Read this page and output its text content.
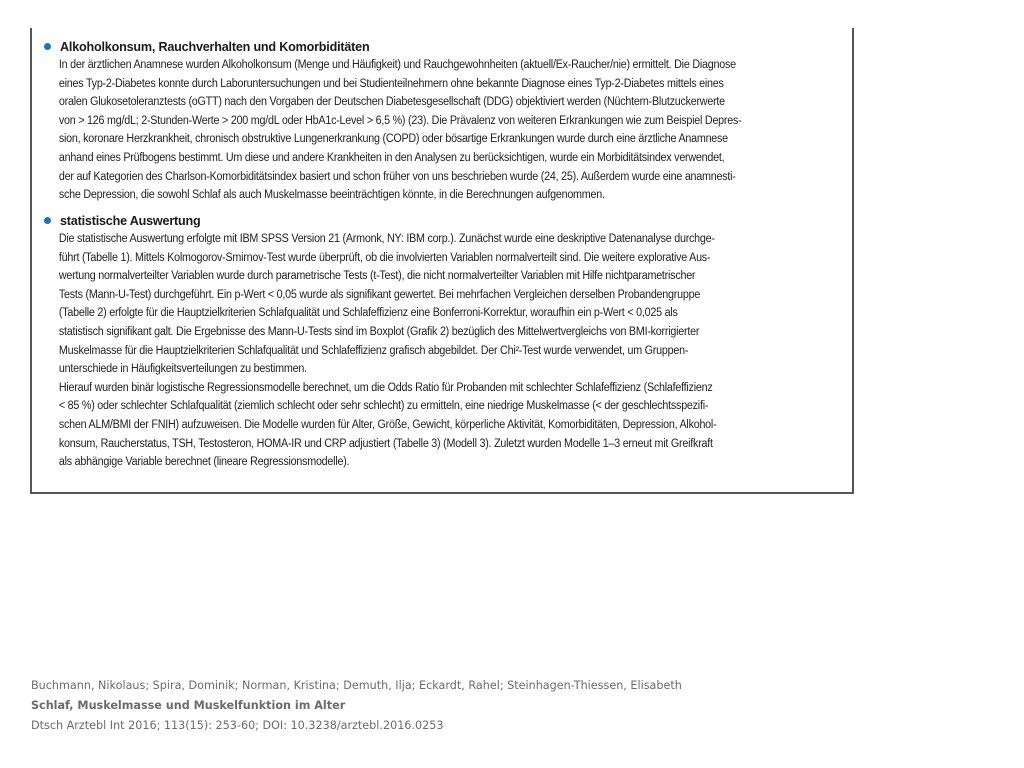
Alkoholkonsum, Rauchverhalten und Komorbiditäten
In der ärztlichen Anamnese wurden Alkoholkonsum (Menge und Häufigkeit) und Rauchgewohnheiten (aktuell/Ex-Raucher/nie) ermittelt. Die Diagnose
eines Typ-2-Diabetes konnte durch Laboruntersuchungen und bei Studienteilnehmern ohne bekannte Diagnose eines Typ-2-Diabetes mittels eines
oralen Glukosetoleranztests (oGTT) nach den Vorgaben der Deutschen Diabetesgesellschaft (DDG) objektiviert werden (Nüchtern-Blutzuckerwerte
von > 126 mg/dL; 2-Stunden-Werte > 200 mg/dL oder HbA1c-Level > 6,5 %) (23). Die Prävalenz von weiteren Erkrankungen wie zum Beispiel Depres-
sion, koronare Herzkrankheit, chronisch obstruktive Lungenerkrankung (COPD) oder bösartige Erkrankungen wurde durch eine ärztliche Anamnese
anhand eines Prüfbogens bestimmt. Um diese und andere Krankheiten in den Analysen zu berücksichtigen, wurde ein Morbiditätsindex verwendet,
der auf Kategorien des Charlson-Komorbiditätsindex basiert und schon früher von uns beschrieben wurde (24, 25). Außerdem wurde eine anamnesti-
sche Depression, die sowohl Schlaf als auch Muskelmasse beeinträchtigen könnte, in die Berechnungen aufgenommen.
statistische Auswertung
Die statistische Auswertung erfolgte mit IBM SPSS Version 21 (Armonk, NY: IBM corp.). Zunächst wurde eine deskriptive Datenanalyse durchge-
führt (Tabelle 1). Mittels Kolmogorov-Smirnov-Test wurde überprüft, ob die involvierten Variablen normalverteilt sind. Die weitere explorative Aus-
wertung normalverteilter Variablen wurde durch parametrische Tests (t-Test), die nicht normalverteilter Variablen mit Hilfe nichtparametrischer
Tests (Mann-U-Test) durchgeführt. Ein p-Wert < 0,05 wurde als signifikant gewertet. Bei mehrfachen Vergleichen derselben Probandengruppe
(Tabelle 2) erfolgte für die Hauptzielkriterien Schlafqualität und Schlafeffizienz eine Bonferroni-Korrektur, woraufhin ein p-Wert < 0,025 als
statistisch signifikant galt. Die Ergebnisse des Mann-U-Tests sind im Boxplot (Grafik 2) bezüglich des Mittelwertvergleichs von BMI-korrigierter
Muskelmasse für die Hauptzielkriterien Schlafqualität und Schlafeffizienz grafisch abgebildet. Der Chi²-Test wurde verwendet, um Gruppen-
unterschiede in Häufigkeitsverteilungen zu bestimmen.
Hierauf wurden binär logistische Regressionsmodelle berechnet, um die Odds Ratio für Probanden mit schlechter Schlafeffizienz (Schlafeffizienz
< 85 %) oder schlechter Schlafqualität (ziemlich schlecht oder sehr schlecht) zu ermitteln, eine niedrige Muskelmasse (< der geschlechtsspezifi-
schen ALM/BMI der FNIH) aufzuweisen. Die Modelle wurden für Alter, Größe, Gewicht, körperliche Aktivität, Komorbiditäten, Depression, Alkohol-
konsum, Raucherstatus, TSH, Testosteron, HOMA-IR und CRP adjustiert (Tabelle 3) (Modell 3). Zuletzt wurden Modelle 1–3 erneut mit Greifkraft
als abhängige Variable berechnet (lineare Regressionsmodelle).
Buchmann, Nikolaus; Spira, Dominik; Norman, Kristina; Demuth, Ilja; Eckardt, Rahel; Steinhagen-Thiessen, Elisabeth
Schlaf, Muskelmasse und Muskelfunktion im Alter
Dtsch Arztebl Int 2016; 113(15): 253-60; DOI: 10.3238/arztebl.2016.0253
